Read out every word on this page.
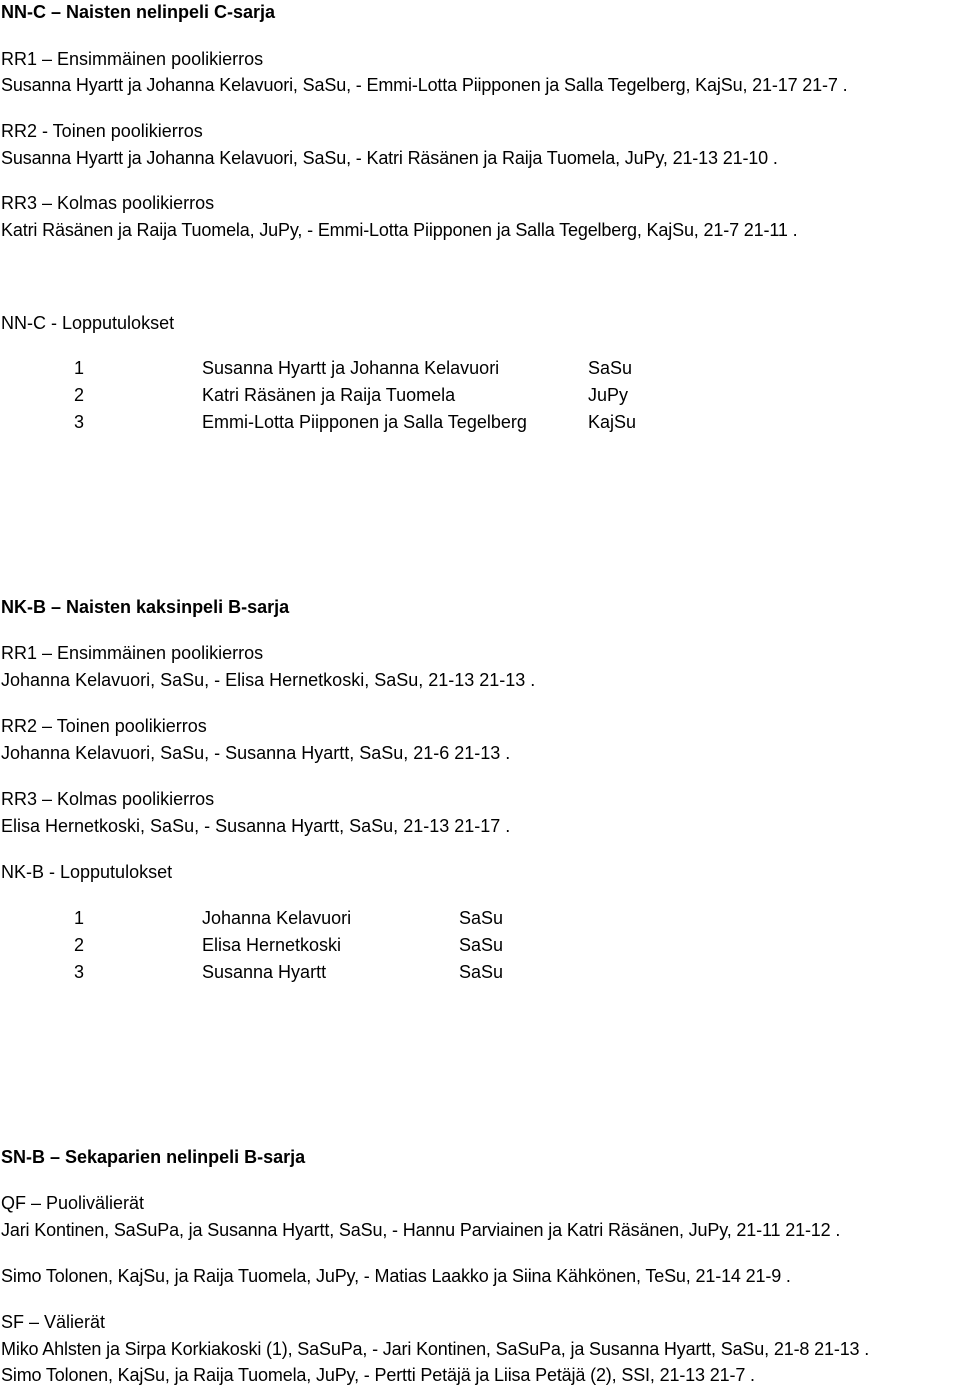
NN-C – Naisten nelinpeli C-sarja
RR1 – Ensimmäinen poolikierros
Susanna Hyartt ja Johanna Kelavuori, SaSu, - Emmi-Lotta Piipponen ja Salla Tegelberg, KajSu, 21-17 21-7 .
RR2 - Toinen poolikierros
Susanna Hyartt ja Johanna Kelavuori, SaSu, - Katri Räsänen ja Raija Tuomela, JuPy, 21-13 21-10 .
RR3 – Kolmas poolikierros
Katri Räsänen ja Raija Tuomela, JuPy, - Emmi-Lotta Piipponen ja Salla Tegelberg, KajSu, 21-7 21-11 .
NN-C - Lopputulokset
1	Susanna Hyartt ja Johanna Kelavuori	SaSu
2	Katri Räsänen ja Raija Tuomela	JuPy
3	Emmi-Lotta Piipponen ja Salla Tegelberg	KajSu
NK-B – Naisten kaksinpeli B-sarja
RR1 – Ensimmäinen poolikierros
Johanna Kelavuori, SaSu, - Elisa Hernetkoski, SaSu, 21-13 21-13 .
RR2 – Toinen poolikierros
Johanna Kelavuori, SaSu, - Susanna Hyartt, SaSu, 21-6 21-13 .
RR3 – Kolmas poolikierros
Elisa Hernetkoski, SaSu, - Susanna Hyartt, SaSu, 21-13 21-17 .
NK-B - Lopputulokset
1	Johanna Kelavuori	SaSu
2	Elisa Hernetkoski	SaSu
3	Susanna Hyartt	SaSu
SN-B – Sekaparien nelinpeli B-sarja
QF – Puolivälierät
Jari Kontinen, SaSuPa, ja Susanna Hyartt, SaSu, - Hannu Parviainen ja Katri Räsänen, JuPy, 21-11 21-12 .
Simo Tolonen, KajSu, ja Raija Tuomela, JuPy, - Matias Laakko ja Siina Kähkönen, TeSu, 21-14 21-9 .
SF – Välierät
Miko Ahlsten ja Sirpa Korkiakoski (1), SaSuPa, - Jari Kontinen, SaSuPa, ja Susanna Hyartt, SaSu, 21-8 21-13 .
Simo Tolonen, KajSu, ja Raija Tuomela, JuPy, - Pertti Petäjä ja Liisa Petäjä (2), SSI, 21-13 21-7 .
